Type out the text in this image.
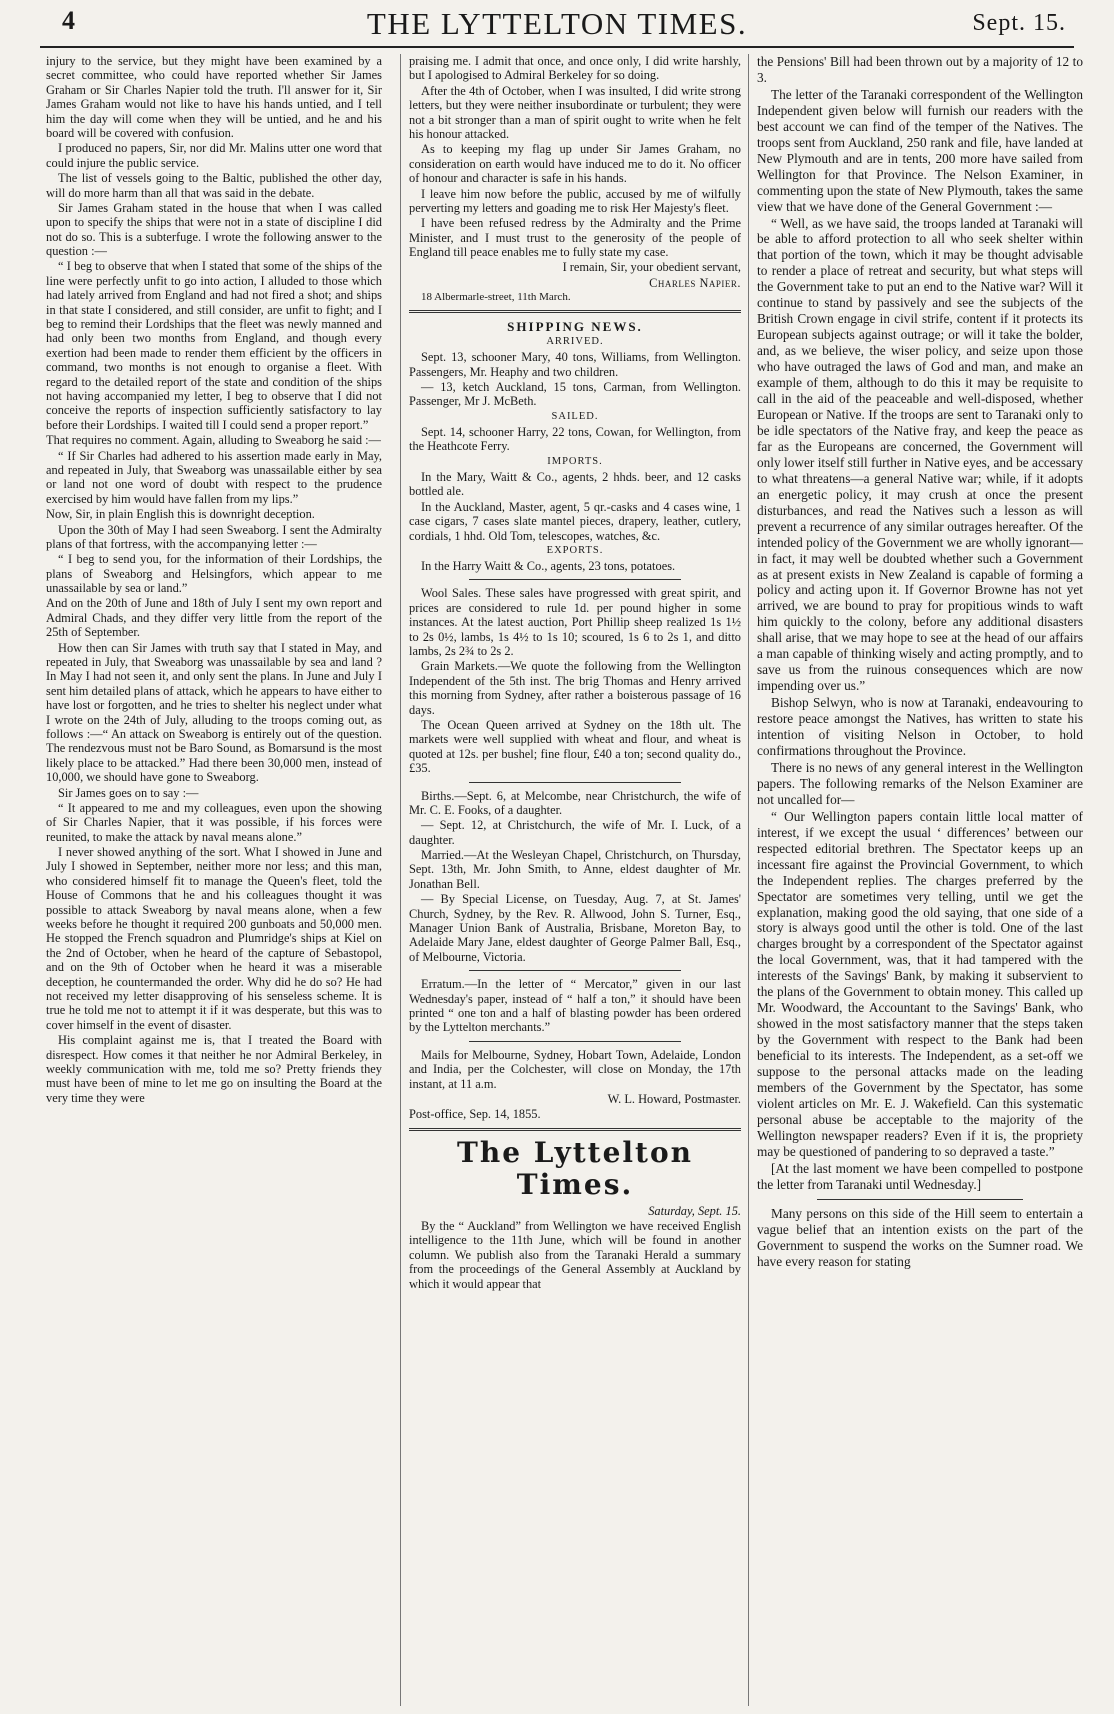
4	THE LYTTELTON TIMES.	Sept. 15.

injury to the service, but they might have been examined by a secret committee, who could have reported whether Sir James Graham or Sir Charles Napier told the truth. I'll answer for it, Sir James Graham would not like to have his hands untied, and I tell him the day will come when they will be untied, and he and his board will be covered with confusion.

I produced no papers, Sir, nor did Mr. Malins utter one word that could injure the public service.

The list of vessels going to the Baltic, published the other day, will do more harm than all that was said in the debate.

Sir James Graham stated in the house that when I was called upon to specify the ships that were not in a state of discipline I did not do so. This is a subterfuge. I wrote the following answer to the question :—

“ I beg to observe that when I stated that some of the ships of the line were perfectly unfit to go into action, I alluded to those which had lately arrived from England and had not fired a shot; and ships in that state I considered, and still consider, are unfit to fight; and I beg to remind their Lordships that the fleet was newly manned and had only been two months from England, and though every exertion had been made to render them efficient by the officers in command, two months is not enough to organise a fleet. With regard to the detailed report of the state and condition of the ships not having accompanied my letter, I beg to observe that I did not conceive the reports of inspection sufficiently satisfactory to lay before their Lordships. I waited till I could send a proper report.”

That requires no comment. Again, alluding to Sweaborg he said :—

“ If Sir Charles had adhered to his assertion made early in May, and repeated in July, that Sweaborg was unassailable either by sea or land not one word of doubt with respect to the prudence exercised by him would have fallen from my lips.”

Now, Sir, in plain English this is downright deception.

Upon the 30th of May I had seen Sweaborg. I sent the Admiralty plans of that fortress, with the accompanying letter :—

“ I beg to send you, for the information of their Lordships, the plans of Sweaborg and Helsingfors, which appear to me unassailable by sea or land.”

And on the 20th of June and 18th of July I sent my own report and Admiral Chads, and they differ very little from the report of the 25th of September.

How then can Sir James with truth say that I stated in May, and repeated in July, that Sweaborg was unassailable by sea and land ? In May I had not seen it, and only sent the plans. In June and July I sent him detailed plans of attack, which he appears to have either to have lost or forgotten, and he tries to shelter his neglect under what I wrote on the 24th of July, alluding to the troops coming out, as follows :—“ An attack on Sweaborg is entirely out of the question. The rendezvous must not be Baro Sound, as Bomarsund is the most likely place to be attacked.” Had there been 30,000 men, instead of 10,000, we should have gone to Sweaborg.

Sir James goes on to say :—

“ It appeared to me and my colleagues, even upon the showing of Sir Charles Napier, that it was possible, if his forces were reunited, to make the attack by naval means alone.”

I never showed anything of the sort. What I showed in June and July I showed in September, neither more nor less; and this man, who considered himself fit to manage the Queen's fleet, told the House of Commons that he and his colleagues thought it was possible to attack Sweaborg by naval means alone, when a few weeks before he thought it required 200 gunboats and 50,000 men. He stopped the French squadron and Plumridge's ships at Kiel on the 2nd of October, when he heard of the capture of Sebastopol, and on the 9th of October when he heard it was a miserable deception, he countermanded the order. Why did he do so? He had not received my letter disapproving of his senseless scheme. It is true he told me not to attempt it if it was desperate, but this was to cover himself in the event of disaster.

His complaint against me is, that I treated the Board with disrespect. How comes it that neither he nor Admiral Berkeley, in weekly communication with me, told me so? Pretty friends they must have been of mine to let me go on insulting the Board at the very time they were

praising me. I admit that once, and once only, I did write harshly, but I apologised to Admiral Berkeley for so doing.

After the 4th of October, when I was insulted, I did write strong letters, but they were neither insubordinate or turbulent; they were not a bit stronger than a man of spirit ought to write when he felt his honour attacked.

As to keeping my flag up under Sir James Graham, no consideration on earth would have induced me to do it. No officer of honour and character is safe in his hands.

I leave him now before the public, accused by me of wilfully perverting my letters and goading me to risk Her Majesty's fleet.

I have been refused redress by the Admiralty and the Prime Minister, and I must trust to the generosity of the people of England till peace enables me to fully state my case.

I remain, Sir, your obedient servant,

Charles Napier.

18 Albermarle-street, 11th March.

SHIPPING NEWS.
ARRIVED.

Sept. 13, schooner Mary, 40 tons, Williams, from Wellington. Passengers, Mr. Heaphy and two children.

— 13, ketch Auckland, 15 tons, Carman, from Wellington. Passenger, Mr J. McBeth.

SAILED.

Sept. 14, schooner Harry, 22 tons, Cowan, for Wellington, from the Heathcote Ferry.

IMPORTS.

In the Mary, Waitt & Co., agents, 2 hhds. beer, and 12 casks bottled ale.

In the Auckland, Master, agent, 5 qr.-casks and 4 cases wine, 1 case cigars, 7 cases slate mantel pieces, drapery, leather, cutlery, cordials, 1 hhd. Old Tom, telescopes, watches, &c.

EXPORTS.

In the Harry Waitt & Co., agents, 23 tons, potatoes.

Wool Sales. These sales have progressed with great spirit, and prices are considered to rule 1d. per pound higher in some instances. At the latest auction, Port Phillip sheep realized 1s 1½ to 2s 0½, lambs, 1s 4½ to 1s 10; scoured, 1s 6 to 2s 1, and ditto lambs, 2s 2¾ to 2s 2.

Grain Markets.—We quote the following from the Wellington Independent of the 5th inst. The brig Thomas and Henry arrived this morning from Sydney, after rather a boisterous passage of 16 days.

The Ocean Queen arrived at Sydney on the 18th ult. The markets were well supplied with wheat and flour, and wheat is quoted at 12s. per bushel; fine flour, £40 a ton; second quality do., £35.

Births.—Sept. 6, at Melcombe, near Christchurch, the wife of Mr. C. E. Fooks, of a daughter.

— Sept. 12, at Christchurch, the wife of Mr. I. Luck, of a daughter.

Married.—At the Wesleyan Chapel, Christchurch, on Thursday, Sept. 13th, Mr. John Smith, to Anne, eldest daughter of Mr. Jonathan Bell.

— By Special License, on Tuesday, Aug. 7, at St. James' Church, Sydney, by the Rev. R. Allwood, John S. Turner, Esq., Manager Union Bank of Australia, Brisbane, Moreton Bay, to Adelaide Mary Jane, eldest daughter of George Palmer Ball, Esq., of Melbourne, Victoria.

Erratum.—In the letter of “ Mercator,” given in our last Wednesday's paper, instead of “ half a ton,” it should have been printed “ one ton and a half of blasting powder has been ordered by the Lyttelton merchants.”

Mails for Melbourne, Sydney, Hobart Town, Adelaide, London and India, per the Colchester, will close on Monday, the 17th instant, at 11 a.m.

W. L. Howard, Postmaster.

Post-office, Sep. 14, 1855.

The Lyttelton Times.

Saturday, Sept. 15.

By the “ Auckland” from Wellington we have received English intelligence to the 11th June, which will be found in another column. We publish also from the Taranaki Herald a summary from the proceedings of the General Assembly at Auckland by which it would appear that

the Pensions' Bill had been thrown out by a majority of 12 to 3.

The letter of the Taranaki correspondent of the Wellington Independent given below will furnish our readers with the best account we can find of the temper of the Natives. The troops sent from Auckland, 250 rank and file, have landed at New Plymouth and are in tents, 200 more have sailed from Wellington for that Province. The Nelson Examiner, in commenting upon the state of New Plymouth, takes the same view that we have done of the General Government :—

“ Well, as we have said, the troops landed at Taranaki will be able to afford protection to all who seek shelter within that portion of the town, which it may be thought advisable to render a place of retreat and security, but what steps will the Government take to put an end to the Native war? Will it continue to stand by passively and see the subjects of the British Crown engage in civil strife, content if it protects its European subjects against outrage; or will it take the bolder, and, as we believe, the wiser policy, and seize upon those who have outraged the laws of God and man, and make an example of them, although to do this it may be requisite to call in the aid of the peaceable and well-disposed, whether European or Native. If the troops are sent to Taranaki only to be idle spectators of the Native fray, and keep the peace as far as the Europeans are concerned, the Government will only lower itself still further in Native eyes, and be accessary to what threatens—a general Native war; while, if it adopts an energetic policy, it may crush at once the present disturbances, and read the Natives such a lesson as will prevent a recurrence of any similar outrages hereafter. Of the intended policy of the Government we are wholly ignorant—in fact, it may well be doubted whether such a Government as at present exists in New Zealand is capable of forming a policy and acting upon it. If Governor Browne has not yet arrived, we are bound to pray for propitious winds to waft him quickly to the colony, before any additional disasters shall arise, that we may hope to see at the head of our affairs a man capable of thinking wisely and acting promptly, and to save us from the ruinous consequences which are now impending over us.”

Bishop Selwyn, who is now at Taranaki, endeavouring to restore peace amongst the Natives, has written to state his intention of visiting Nelson in October, to hold confirmations throughout the Province.

There is no news of any general interest in the Wellington papers. The following remarks of the Nelson Examiner are not uncalled for—

“ Our Wellington papers contain little local matter of interest, if we except the usual ‘ differences’ between our respected editorial brethren. The Spectator keeps up an incessant fire against the Provincial Government, to which the Independent replies. The charges preferred by the Spectator are sometimes very telling, until we get the explanation, making good the old saying, that one side of a story is always good until the other is told. One of the last charges brought by a correspondent of the Spectator against the local Government, was, that it had tampered with the interests of the Savings' Bank, by making it subservient to the plans of the Government to obtain money. This called up Mr. Woodward, the Accountant to the Savings' Bank, who showed in the most satisfactory manner that the steps taken by the Government with respect to the Bank had been beneficial to its interests. The Independent, as a set-off we suppose to the personal attacks made on the leading members of the Government by the Spectator, has some violent articles on Mr. E. J. Wakefield. Can this systematic personal abuse be acceptable to the majority of the Wellington newspaper readers? Even if it is, the propriety may be questioned of pandering to so depraved a taste.”

[At the last moment we have been compelled to postpone the letter from Taranaki until Wednesday.]

Many persons on this side of the Hill seem to entertain a vague belief that an intention exists on the part of the Government to suspend the works on the Sumner road. We have every reason for stating
